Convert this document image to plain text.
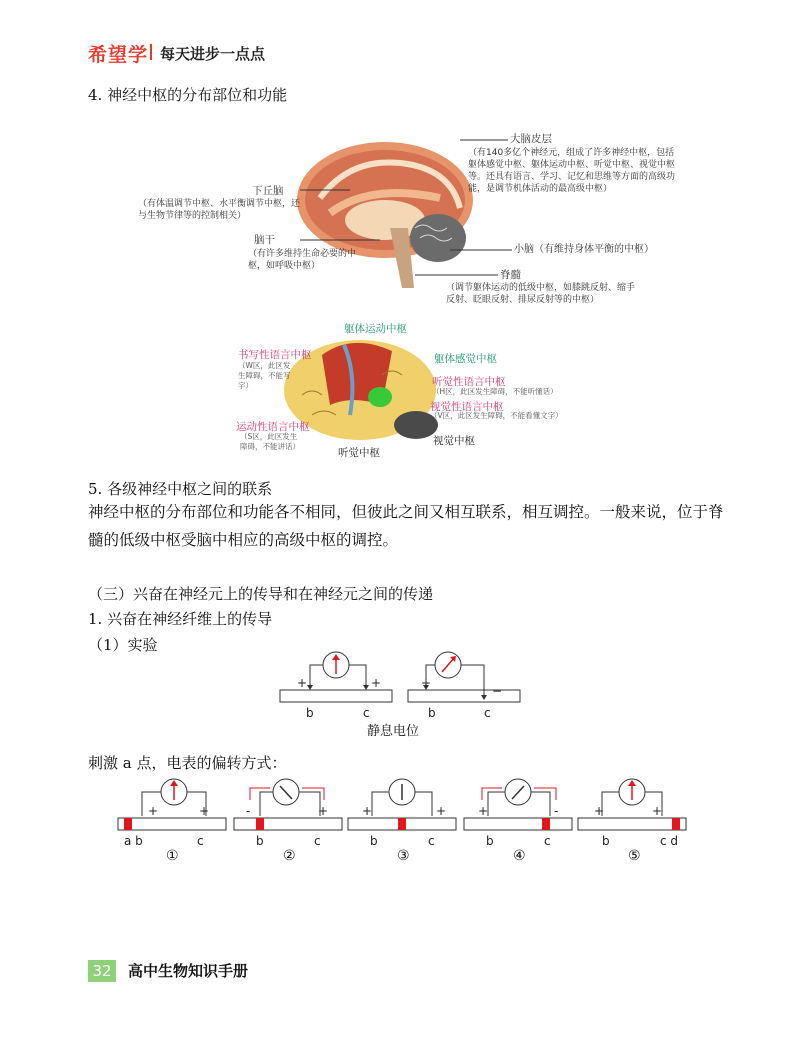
希望学 每天进步一点点
4. 神经中枢的分布部位和功能
大脑皮层
（有140多亿个神经元，组成了许多神经中枢，包括躯体感觉中枢、躯体运动中枢、听觉中枢、视觉中枢等。还具有语言、学习、记忆和思维等方面的高级功能，是调节机体活动的最高级中枢）
下丘脑
（有体温调节中枢、水平衡调节中枢，还与生物节律等的控制相关）
脑干
（有许多维持生命必要的中枢，如呼吸中枢）
小脑（有维持身体平衡的中枢）
脊髓
（调节躯体运动的低级中枢，如膝跳反射、缩手反射、眨眼反射、排尿反射等的中枢）
躯体运动中枢
书写性语言中枢
（W区，此区发生障碍，不能写字）
躯体感觉中枢
听觉性语言中枢
（H区，此区发生障碍，不能听懂话）
视觉性语言中枢
（V区，此区发生障碍，不能看懂文字）
运动性语言中枢
（S区，此区发生障碍，不能讲话）	视觉中枢
听觉中枢
5. 各级神经中枢之间的联系
神经中枢的分布部位和功能各不相同，但彼此之间又相互联系，相互调控。一般来说，位于脊髓的低级中枢受脑中相应的高级中枢的调控。
（三）兴奋在神经元上的传导和在神经元之间的传递
1. 兴奋在神经纤维上的传导
（1）实验
+	+	+
−
b	c	b	c
静息电位
刺激 a 点，电表的偏转方式：
a b	c
①
b	c
②
b	c
③
b	c
④
b	c d
⑤
+	+	-	+	+	+	+	-	+	+
32 高中生物知识手册
